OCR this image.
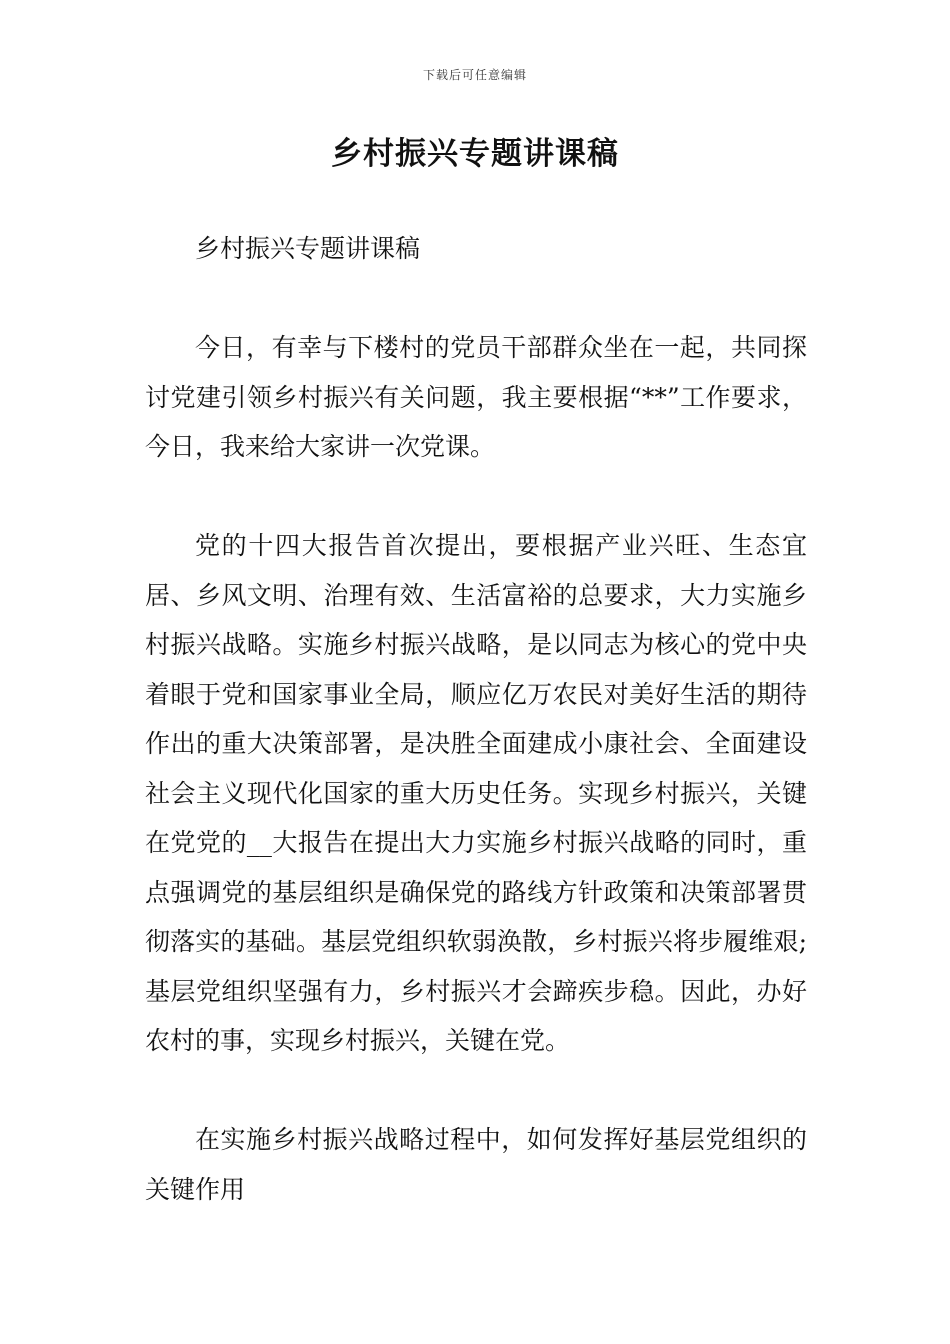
下载后可任意编辑
乡村振兴专题讲课稿

乡村振兴专题讲课稿

今日，有幸与下楼村的党员干部群众坐在一起，共同探讨党建引领乡村振兴有关问题，我主要根据“**”工作要求，今日，我来给大家讲一次党课。

党的十四大报告首次提出，要根据产业兴旺、生态宜居、乡风文明、治理有效、生活富裕的总要求，大力实施乡村振兴战略。实施乡村振兴战略，是以同志为核心的党中央着眼于党和国家事业全局，顺应亿万农民对美好生活的期待作出的重大决策部署，是决胜全面建成小康社会、全面建设社会主义现代化国家的重大历史任务。实现乡村振兴，关键在党党的__大报告在提出大力实施乡村振兴战略的同时，重点强调党的基层组织是确保党的路线方针政策和决策部署贯彻落实的基础。基层党组织软弱涣散，乡村振兴将步履维艰;基层党组织坚强有力，乡村振兴才会蹄疾步稳。因此，办好农村的事，实现乡村振兴，关键在党。

在实施乡村振兴战略过程中，如何发挥好基层党组织的关键作用
